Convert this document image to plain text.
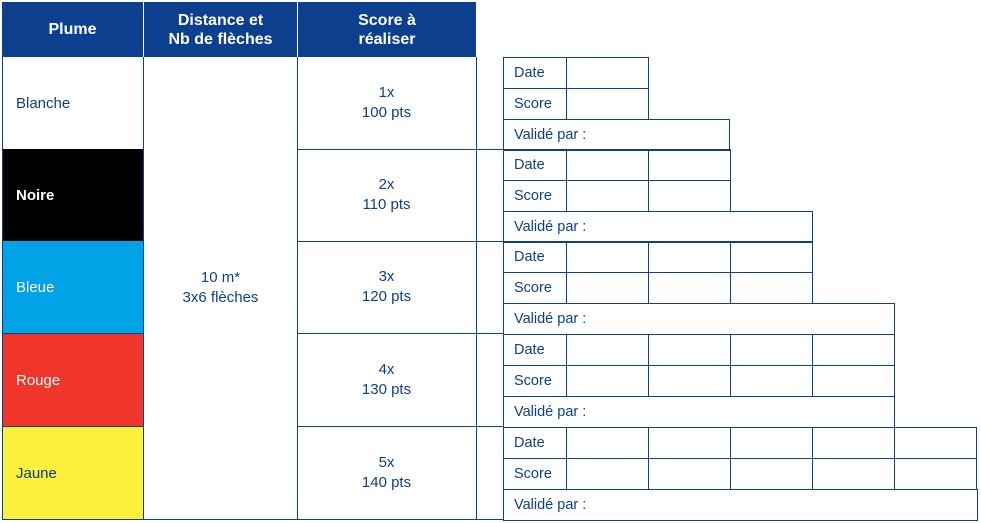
Plume
Distance et
Nb de flèches
Score à
réaliser
10 m*
3x6 flèches
Blanche
1x
100 pts
Date
Score
Validé par :
Noire
2x
110 pts
Date
Score
Validé par :
Bleue
3x
120 pts
Date
Score
Validé par :
Rouge
4x
130 pts
Date
Score
Validé par :
Jaune
5x
140 pts
Date
Score
Validé par :
